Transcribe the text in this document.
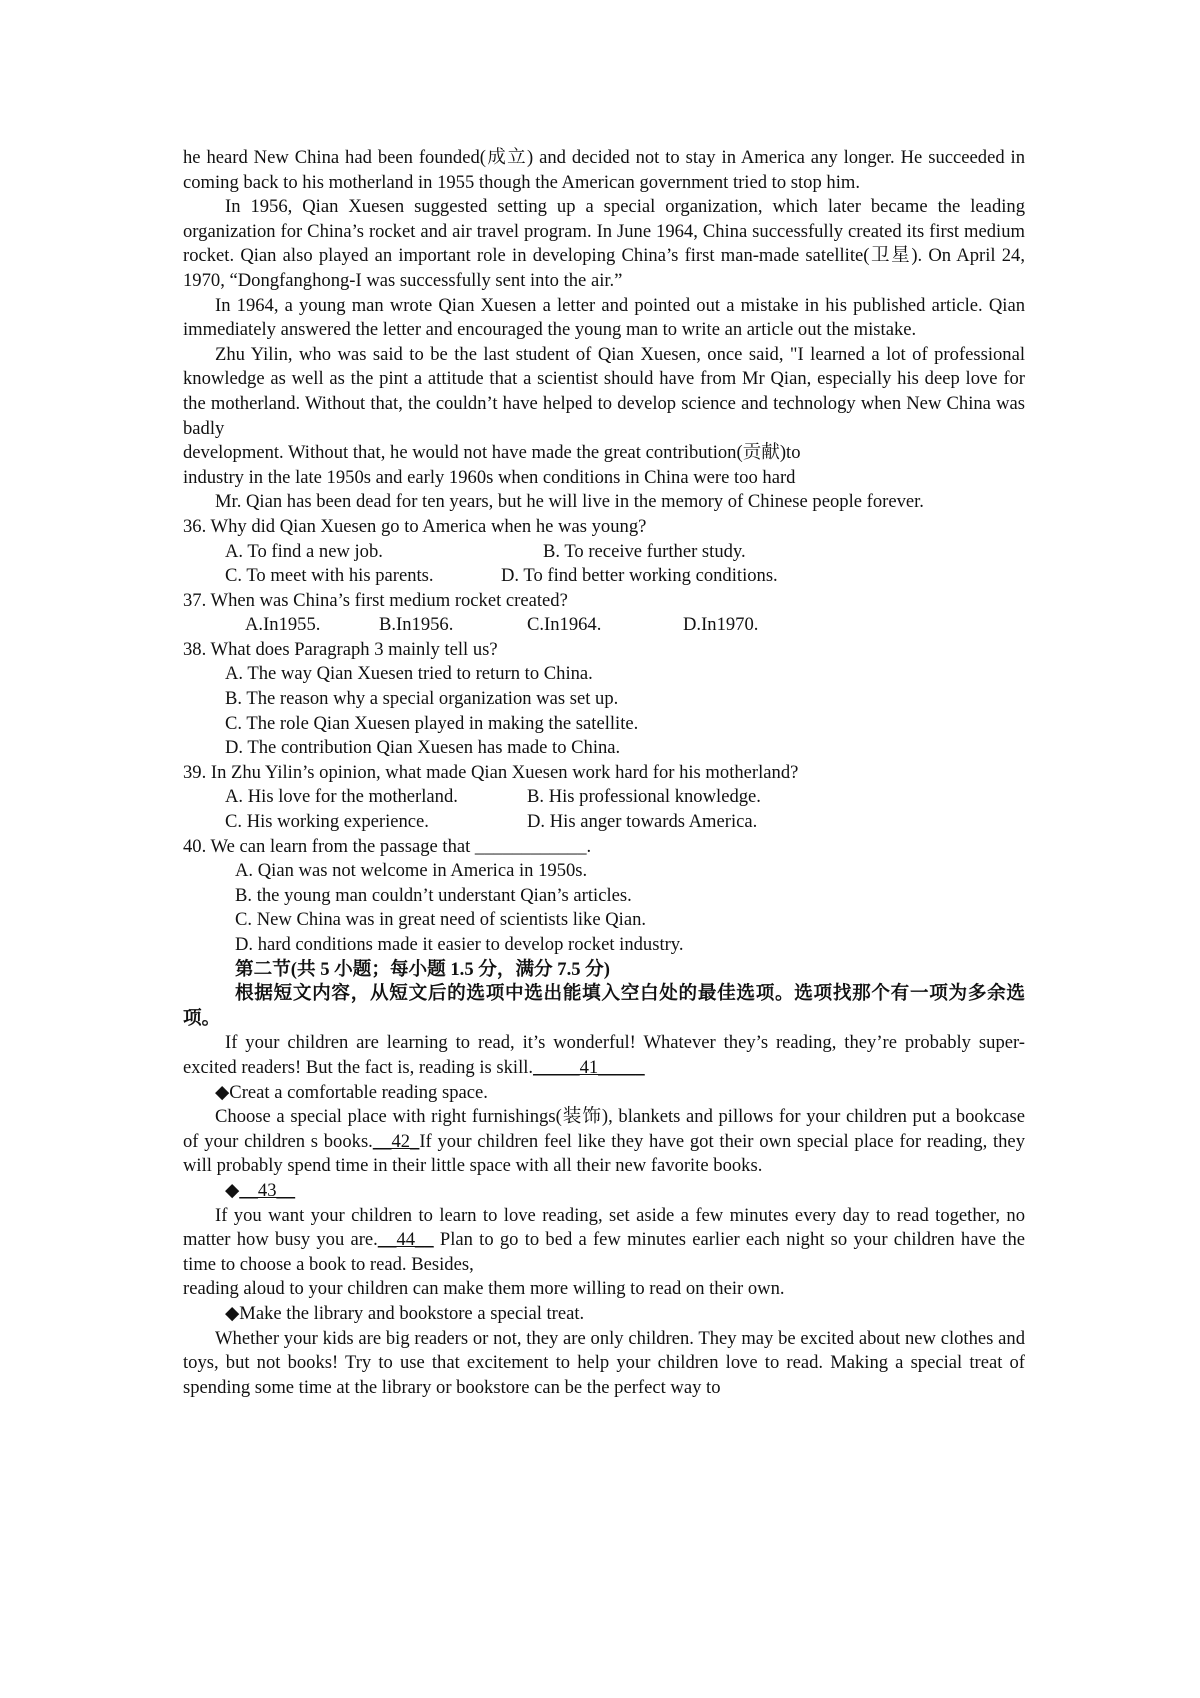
he heard New China had been founded(成立) and decided not to stay in America any longer. He succeeded in coming back to his motherland in 1955 though the American government tried to stop him.

In 1956, Qian Xuesen suggested setting up a special organization, which later became the leading organization for China’s rocket and air travel program. In June 1964, China successfully created its first medium rocket. Qian also played an important role in developing China’s first man-made satellite(卫星). On April 24, 1970, “Dongfanghong-I was successfully sent into the air.”

In 1964, a young man wrote Qian Xuesen a letter and pointed out a mistake in his published article. Qian immediately answered the letter and encouraged the young man to write an article out the mistake.

Zhu Yilin, who was said to be the last student of Qian Xuesen, once said, "I learned a lot of professional knowledge as well as the pint a attitude that a scientist should have from Mr Qian, especially his deep love for the motherland. Without that, the couldn’t have helped to develop science and technology when New China was badly

development. Without that, he would not have made the great contribution(贡献)to

industry in the late 1950s and early 1960s when conditions in China were too hard

Mr. Qian has been dead for ten years, but he will live in the memory of Chinese people forever.

36. Why did Qian Xuesen go to America when he was young?

A. To find a new job.	B. To receive further study.
C. To meet with his parents.	D. To find better working conditions.

37. When was China’s first medium rocket created?

A.In1955.	B.In1956.	C.In1964.	D.In1970.

38. What does Paragraph 3 mainly tell us?

A. The way Qian Xuesen tried to return to China.

B. The reason why a special organization was set up.

C. The role Qian Xuesen played in making the satellite.

D. The contribution Qian Xuesen has made to China.

39. In Zhu Yilin’s opinion, what made Qian Xuesen work hard for his motherland?

A. His love for the motherland.	B. His professional knowledge.
C. His working experience.	D. His anger towards America.

40. We can learn from the passage that ____________.

A. Qian was not welcome in America in 1950s.

B. the young man couldn’t understant Qian’s articles.

C. New China was in great need of scientists like Qian.

D. hard conditions made it easier to develop rocket industry.

第二节(共 5 小题；每小题 1.5 分，满分 7.5 分)

根据短文内容，从短文后的选项中选出能填入空白处的最佳选项。选项找那个有一项为多余选项。

If your children are learning to read, it’s wonderful! Whatever they’s reading, they’re probably super-excited readers! But the fact is, reading is skill._____41_____

◆Creat a comfortable reading space.

Choose a special place with right furnishings(装饰), blankets and pillows for your children put a bookcase of your children s books.__42_If your children feel like they have got their own special place for reading, they will probably spend time in their little space with all their new favorite books.

◆__43__

If you want your children to learn to love reading, set aside a few minutes every day to read together, no matter how busy you are.__44__ Plan to go to bed a few minutes earlier each night so your children have the time to choose a book to read. Besides,

reading aloud to your children can make them more willing to read on their own.

◆Make the library and bookstore a special treat.

Whether your kids are big readers or not, they are only children. They may be excited about new clothes and toys, but not books! Try to use that excitement to help your children love to read. Making a special treat of spending some time at the library or bookstore can be the perfect way to
